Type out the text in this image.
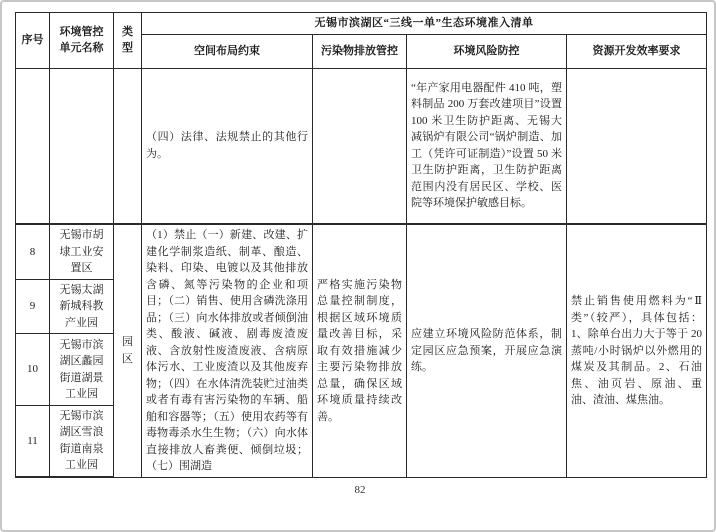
序号	环境管控单元名称	类型	无锡市滨湖区“三线一单”生态环境准入清单			
			空间布局约束	污染物排放管控	环境风险防控	资源开发效率要求
			（四）法律、法规禁止的其他行为。		“年产家用电器配件 410 吨，塑料制品 200 万套改建项目”设置 100 米卫生防护距离、无锡大减锅炉有限公司“锅炉制造、加工（凭许可证制造）”设置 50 米卫生防护距离，卫生防护距离范围内没有居民区、学校、医院等环境保护敏感目标。	
8	无锡市胡埭工业安置区	园区	（1）禁止（一）新建、改建、扩建化学制浆造纸、制革、酿造、染料、印染、电镀以及其他排放含磷、氮等污染物的企业和项目；（二）销售、使用含磷洗涤用品；（三）向水体排放或者倾倒油类、酸液、碱液、剧毒废渣废液、含放射性废渣废液、含病原体污水、工业废渣以及其他废弃物；（四）在水体清洗装贮过油类或者有毒有害污染物的车辆、船舶和容器等；（五）使用农药等有毒物毒杀水生生物；（六）向水体直接排放人畜粪便、倾倒垃圾；（七）围湖造	严格实施污染物总量控制制度，根据区域环境质量改善目标，采取有效措施减少主要污染物排放总量，确保区域环境质量持续改善。	应建立环境风险防范体系，制定园区应急预案，开展应急演练。	禁止销售使用燃料为“Ⅱ类”（较严），具体包括：1、除单台出力大于等于 20 蒸吨/小时锅炉以外燃用的煤炭及其制品。2、石油焦、油页岩、原油、重油、渣油、煤焦油。
9	无锡太湖新城科教产业园					

10	无锡市滨湖区蠡园街道湖景工业园					

11	无锡市滨湖区雪浪街道南泉工业园					
82
